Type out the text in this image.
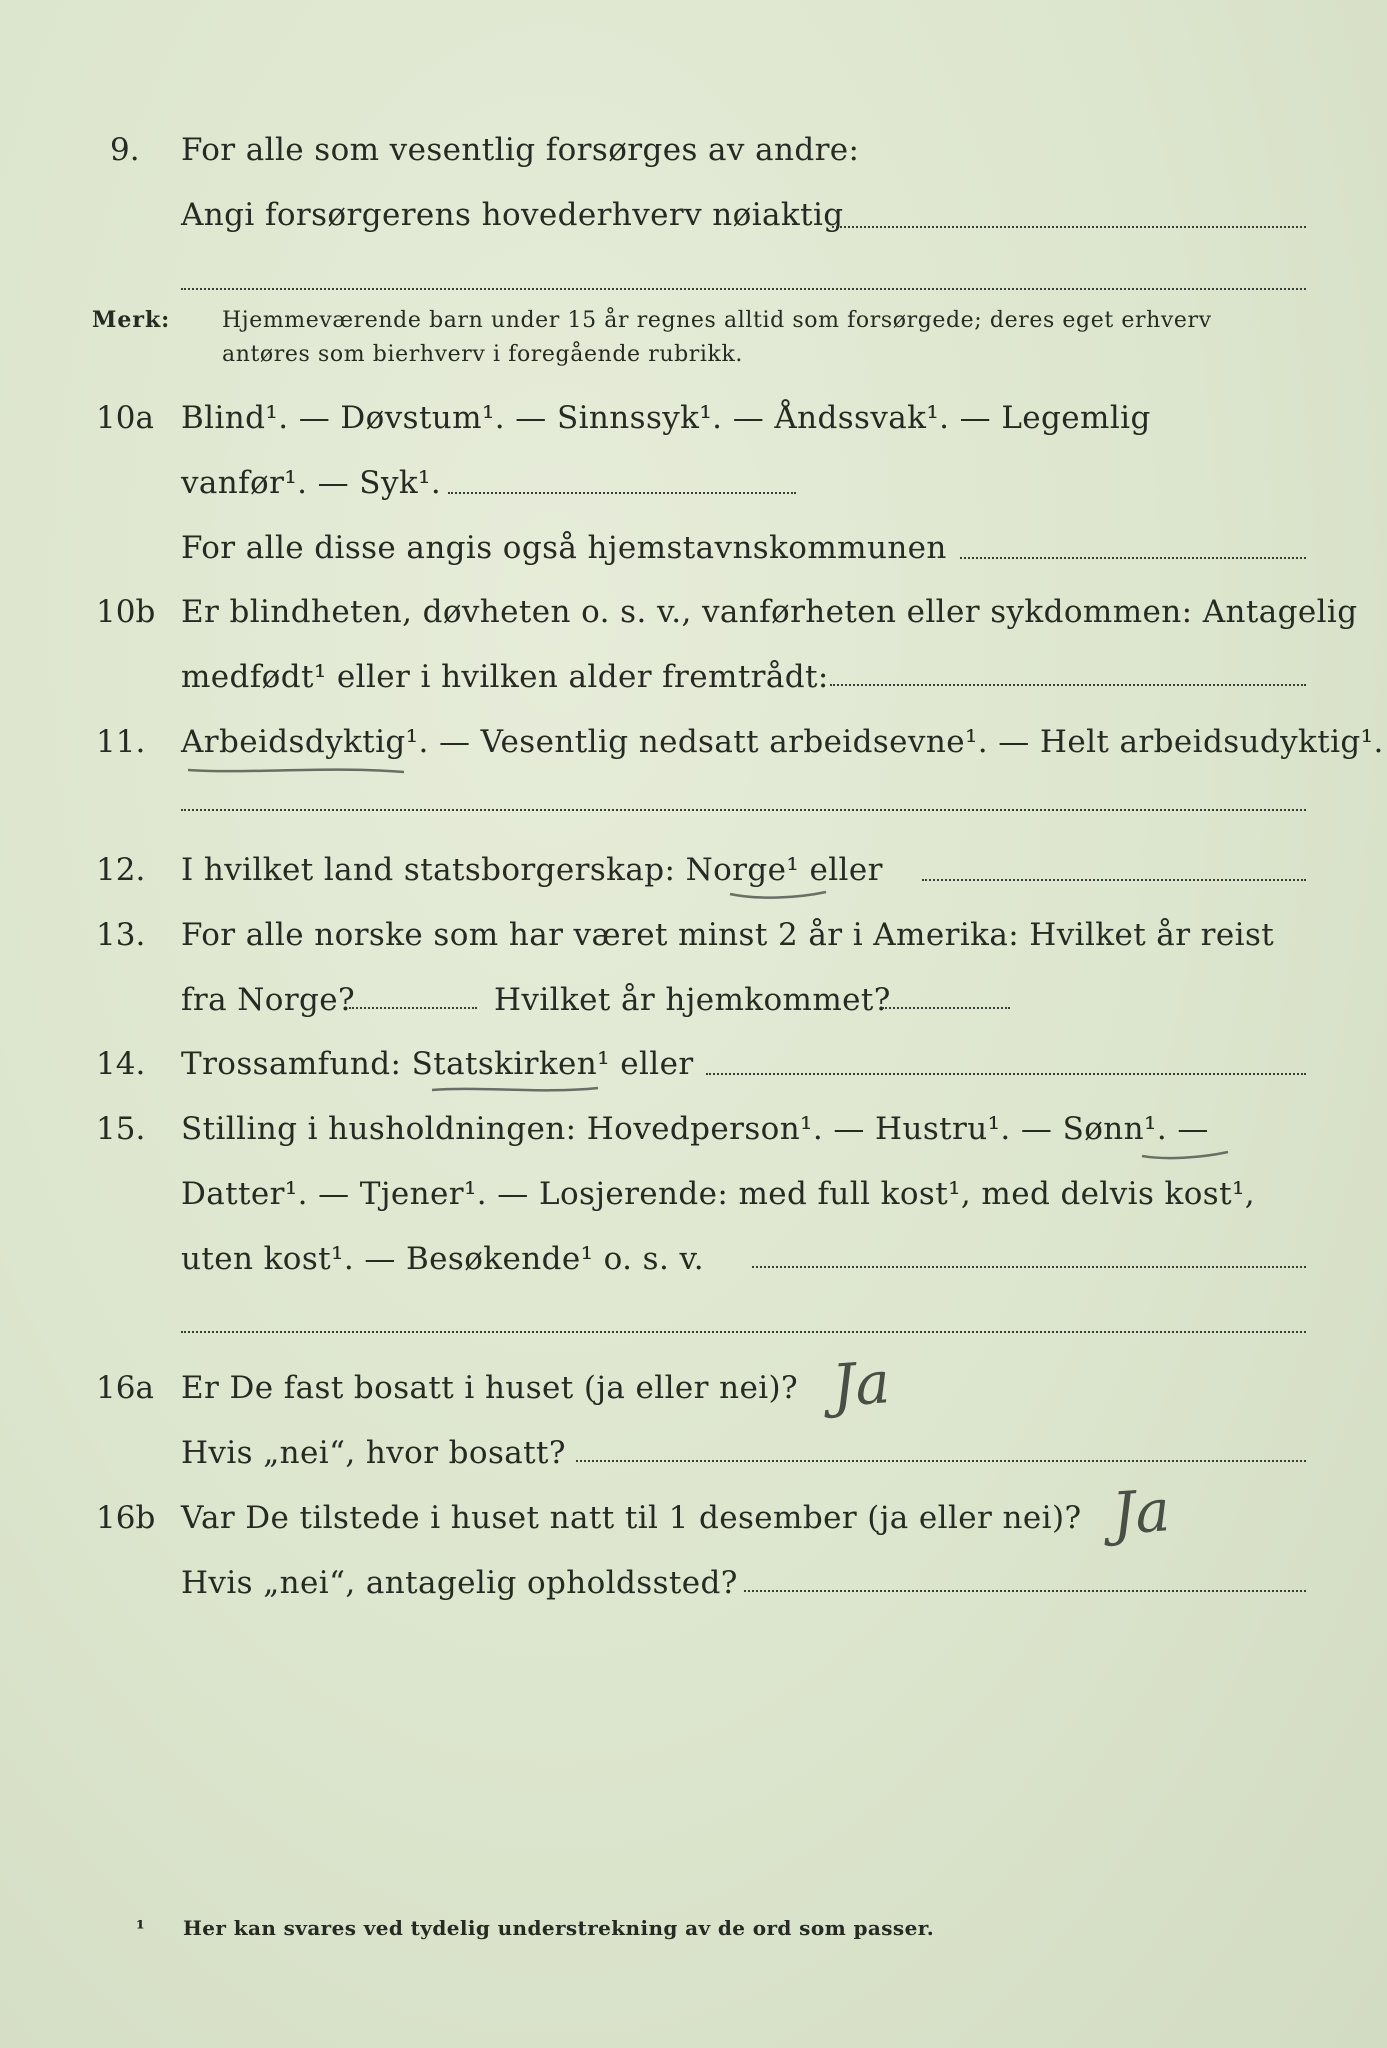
9. For alle som vesentlig forsørges av andre:
Angi forsørgerens hovederhverv nøiaktig
Merk: Hjemmeværende barn under 15 år regnes alltid som forsørgede; deres eget erhverv
antøres som bierhverv i foregående rubrikk.
10a Blind¹. — Døvstum¹. — Sinnssyk¹. — Åndssvak¹. — Legemlig
vanfør¹. — Syk¹.
For alle disse angis også hjemstavnskommunen
10b Er blindheten, døvheten o. s. v., vanførheten eller sykdommen: Antagelig
medfødt¹ eller i hvilken alder fremtrådt:
11. Arbeidsdyktig¹. — Vesentlig nedsatt arbeidsevne¹. — Helt arbeidsudyktig¹.
12. I hvilket land statsborgerskap: Norge¹ eller
13. For alle norske som har været minst 2 år i Amerika: Hvilket år reist
fra Norge?	Hvilket år hjemkommet?
14. Trossamfund: Statskirken¹ eller
15. Stilling i husholdningen: Hovedperson¹. — Hustru¹. — Sønn¹. —
Datter¹. — Tjener¹. — Losjerende: med full kost¹, med delvis kost¹,
uten kost¹. — Besøkende¹ o. s. v.
16a Er De fast bosatt i huset (ja eller nei)? Ja
Hvis „nei“, hvor bosatt?
16b Var De tilstede i huset natt til 1 desember (ja eller nei)? Ja
Hvis „nei“, antagelig opholdssted?
¹ Her kan svares ved tydelig understrekning av de ord som passer.
